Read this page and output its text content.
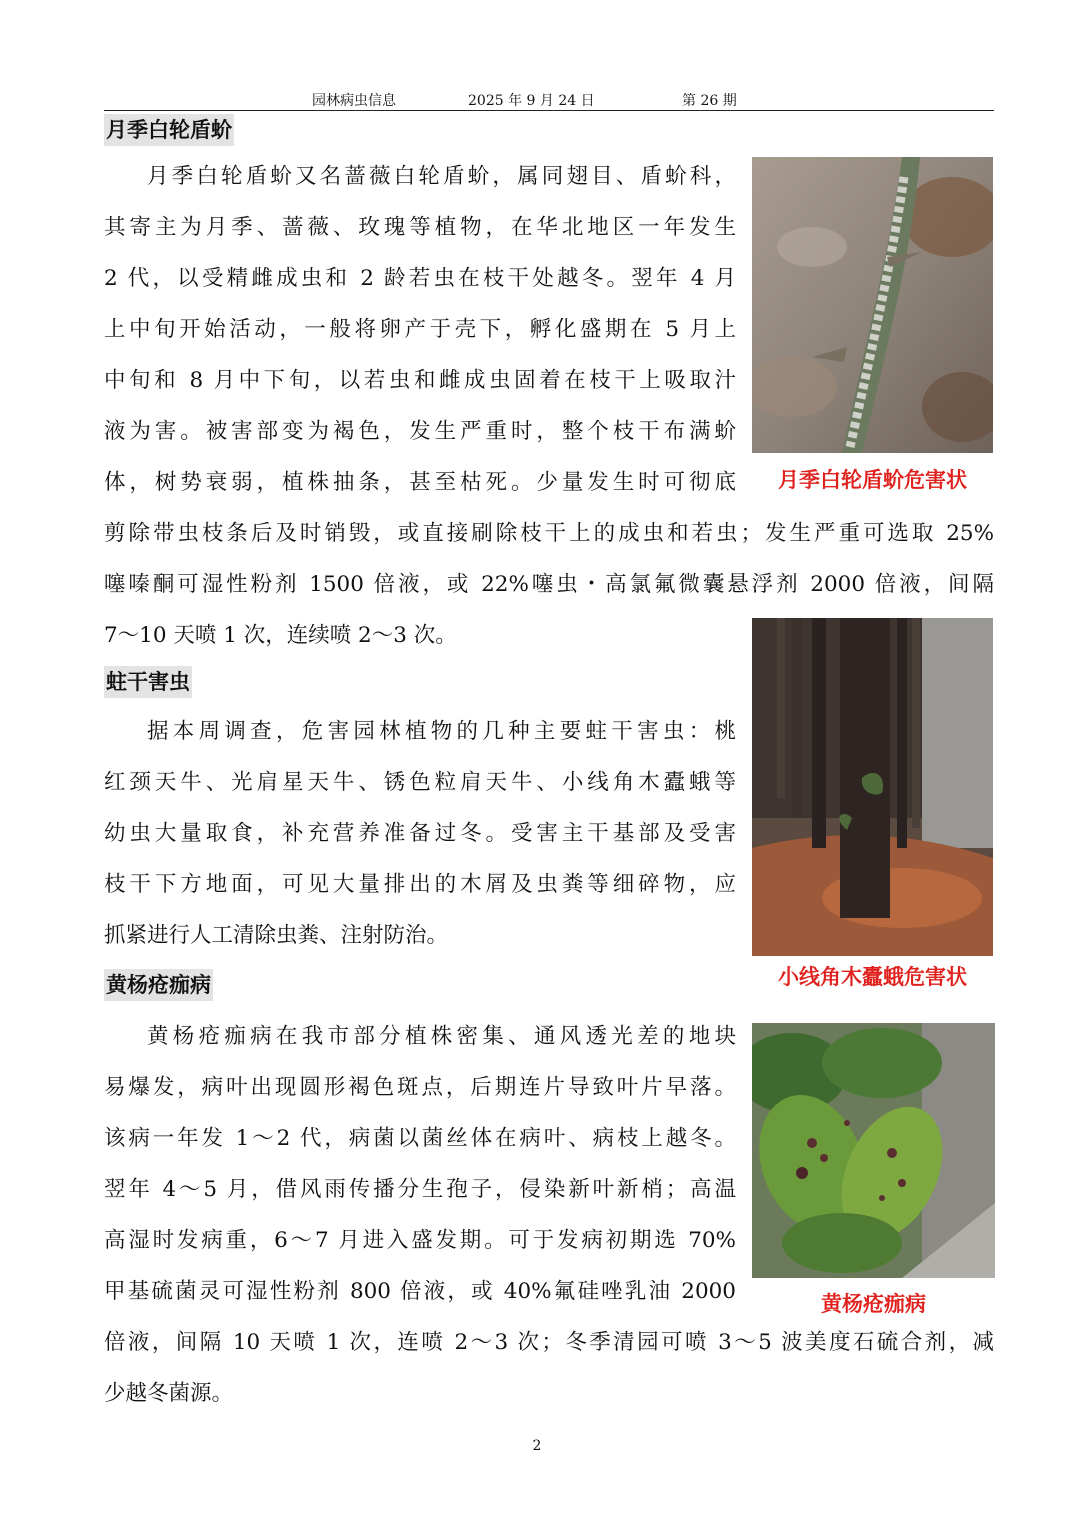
园林病虫信息	2025 年 9 月 24 日	第 26 期
月季白轮盾蚧
月季白轮盾蚧又名蔷薇白轮盾蚧，属同翅目、盾蚧科，
其寄主为月季、蔷薇、玫瑰等植物，在华北地区一年发生
2 代，以受精雌成虫和 2 龄若虫在枝干处越冬。翌年 4 月
上中旬开始活动，一般将卵产于壳下，孵化盛期在 5 月上
中旬和 8 月中下旬，以若虫和雌成虫固着在枝干上吸取汁
液为害。被害部变为褐色，发生严重时，整个枝干布满蚧
体，树势衰弱，植株抽条，甚至枯死。少量发生时可彻底
剪除带虫枝条后及时销毁，或直接刷除枝干上的成虫和若虫；发生严重可选取 25%
噻嗪酮可湿性粉剂 1500 倍液，或 22%噻虫・高氯氟微囊悬浮剂 2000 倍液，间隔
7～10 天喷 1 次，连续喷 2～3 次。
月季白轮盾蚧危害状
蛀干害虫
据本周调查，危害园林植物的几种主要蛀干害虫：桃
红颈天牛、光肩星天牛、锈色粒肩天牛、小线角木蠹蛾等
幼虫大量取食，补充营养准备过冬。受害主干基部及受害
枝干下方地面，可见大量排出的木屑及虫粪等细碎物，应
抓紧进行人工清除虫粪、注射防治。
小线角木蠹蛾危害状
黄杨疮痂病
黄杨疮痂病在我市部分植株密集、通风透光差的地块
易爆发，病叶出现圆形褐色斑点，后期连片导致叶片早落。
该病一年发 1～2 代，病菌以菌丝体在病叶、病枝上越冬。
翌年 4～5 月，借风雨传播分生孢子，侵染新叶新梢；高温
高湿时发病重，6～7 月进入盛发期。可于发病初期选 70%
甲基硫菌灵可湿性粉剂 800 倍液，或 40%氟硅唑乳油 2000
倍液，间隔 10 天喷 1 次，连喷 2～3 次；冬季清园可喷 3～5 波美度石硫合剂，减
少越冬菌源。
黄杨疮痂病
2
